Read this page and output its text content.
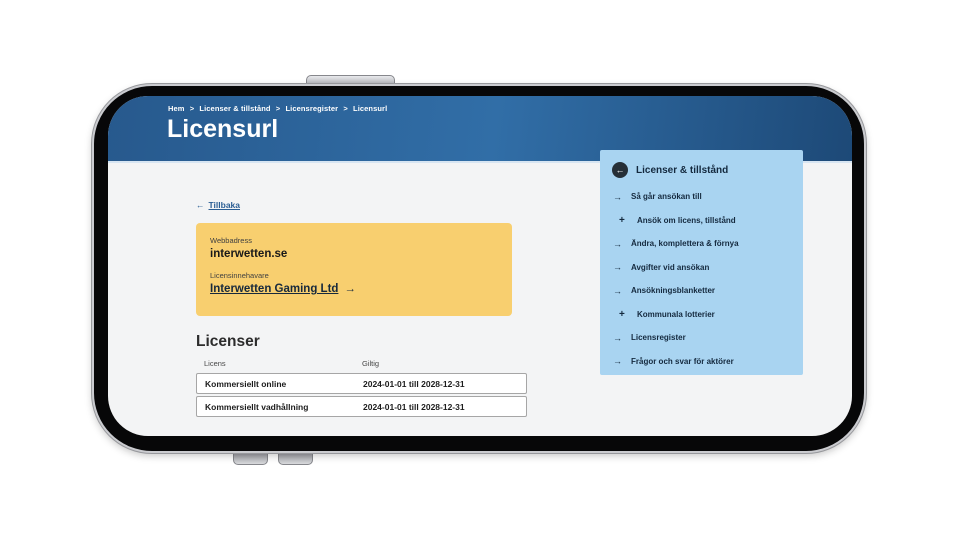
Hem > Licenser & tillstånd > Licensregister > Licensurl
Licensurl
← Tillbaka
Webbadress
interwetten.se
Licensinnehavare
Interwetten Gaming Ltd →
Licenser
Licens	Giltig
Kommersiellt online	2024-01-01 till 2028-12-31
Kommersiellt vadhållning	2024-01-01 till 2028-12-31
←	Licenser & tillstånd
→ Så går ansökan till
+	Ansök om licens, tillstånd
→ Ändra, komplettera & förnya
→ Avgifter vid ansökan
→ Ansökningsblanketter
+	Kommunala lotterier
→ Licensregister
→ Frågor och svar för aktörer
